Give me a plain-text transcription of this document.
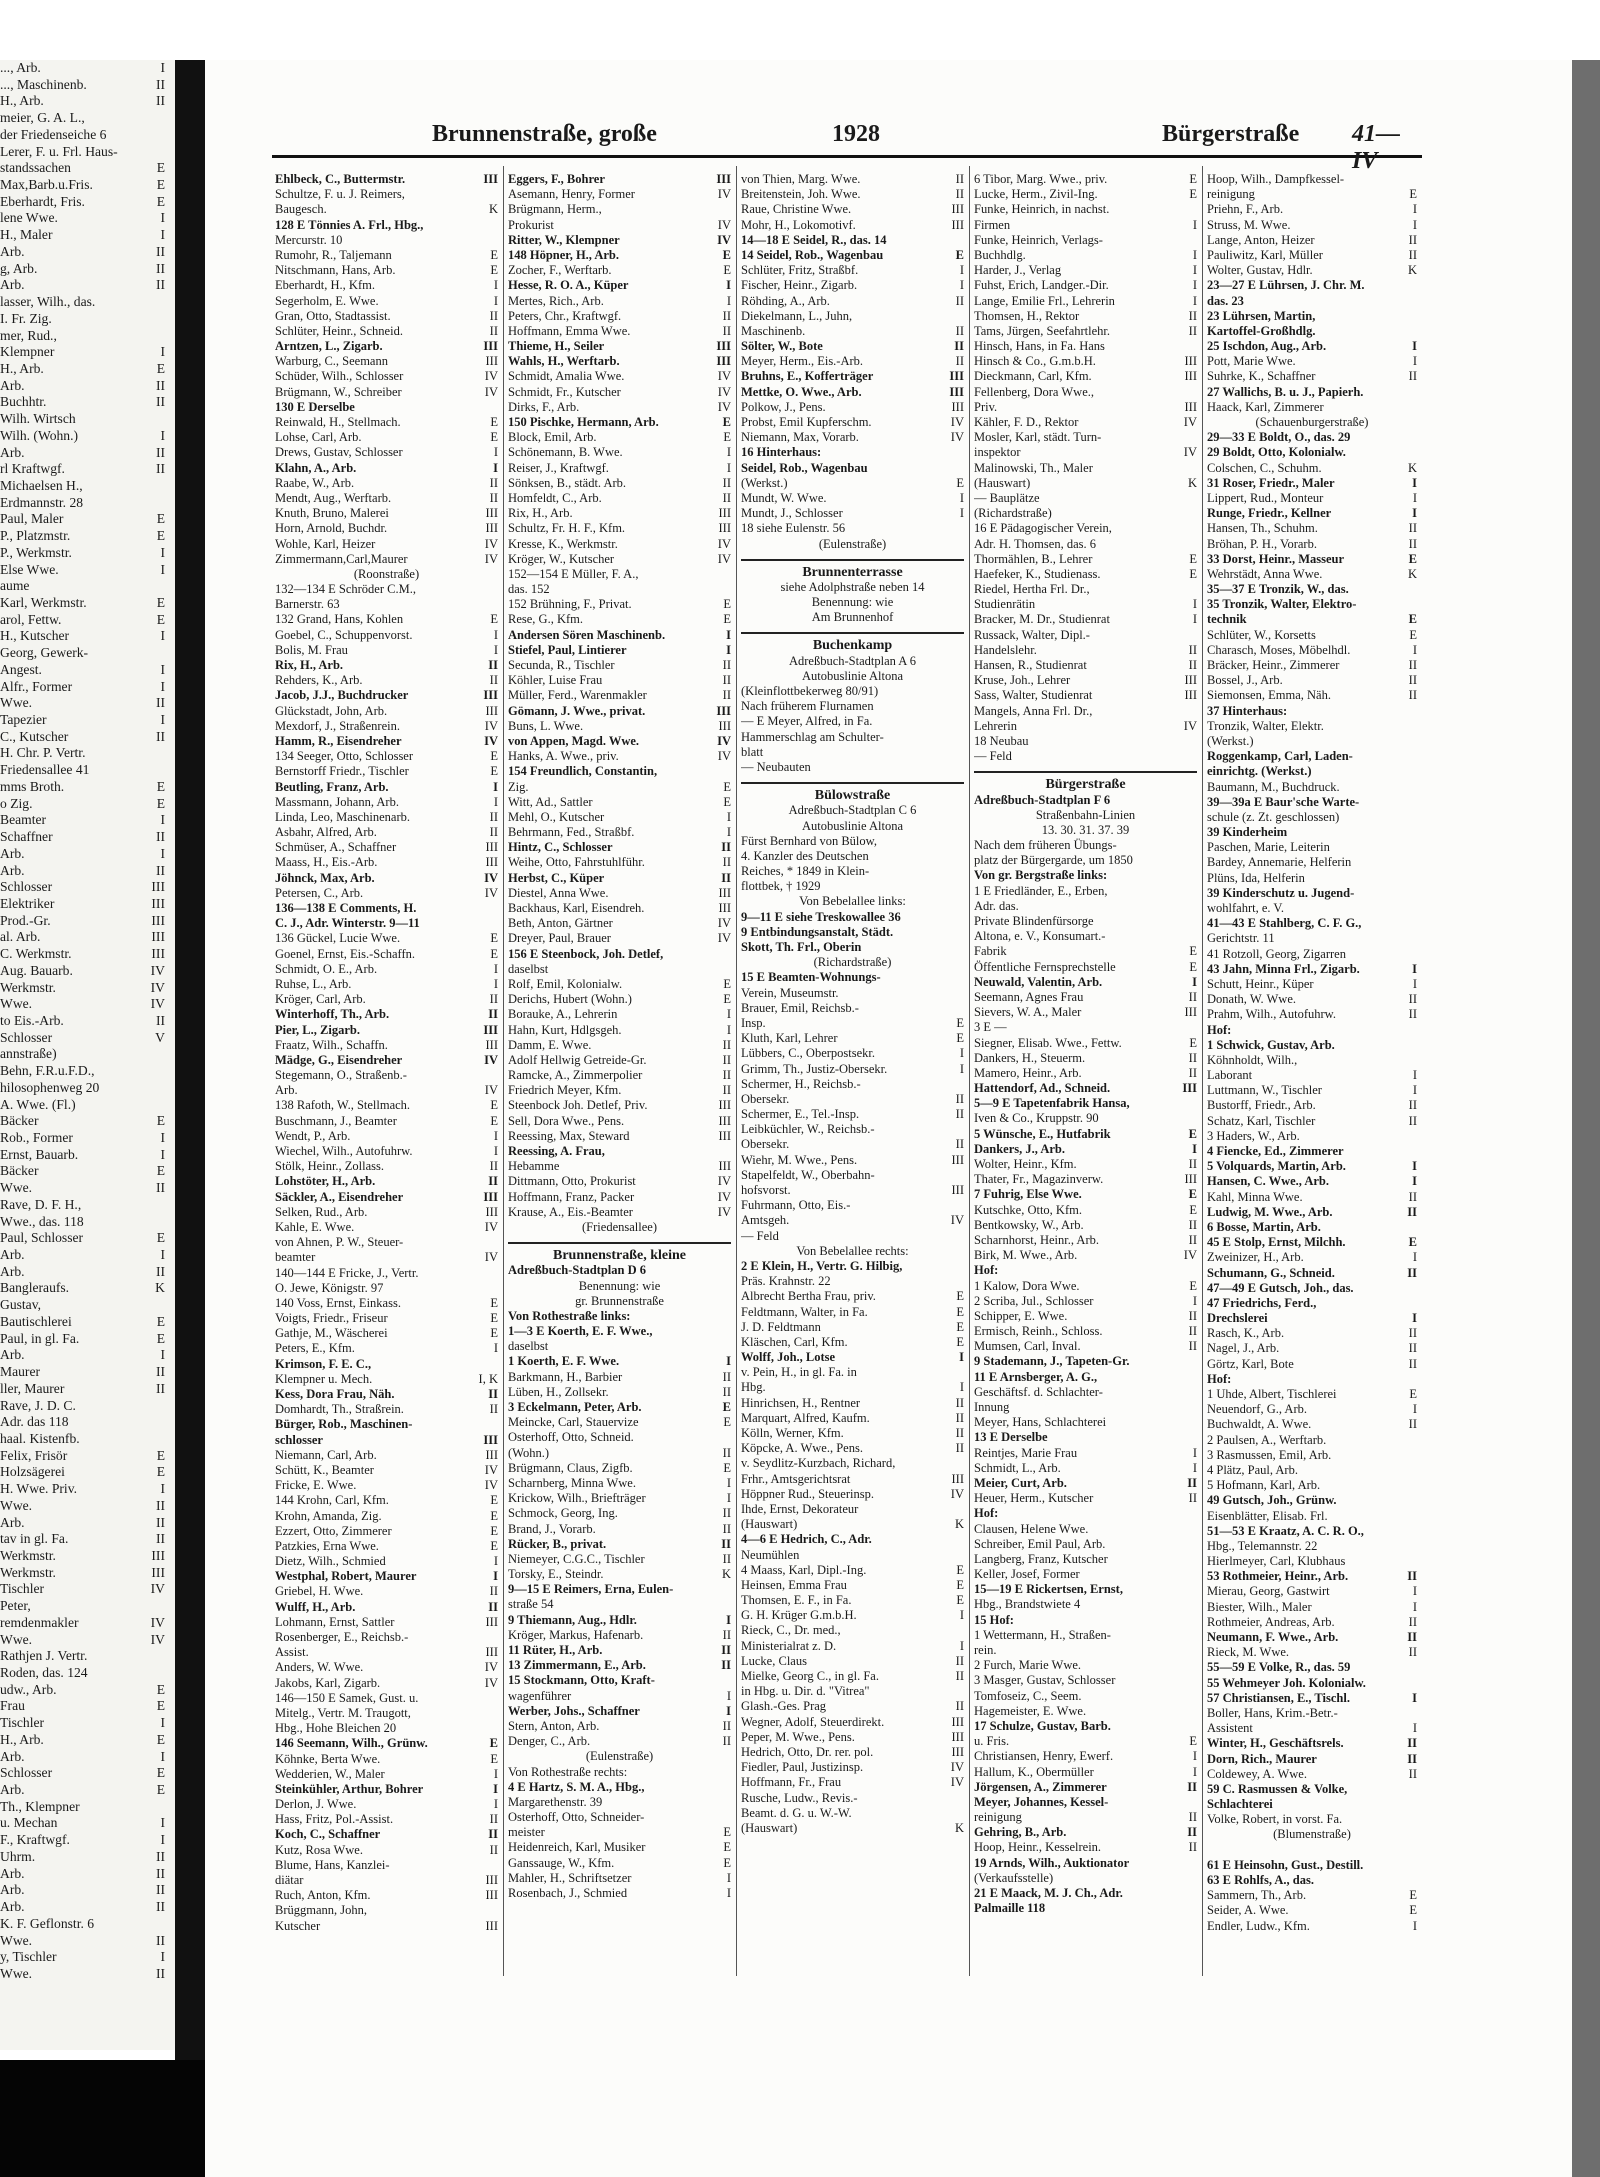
..., Arb.	I
..., Maschinenb.	II
H., Arb.	II
meier, G. A. L.,
der Friedenseiche 6
Lerer, F. u. Frl. Haus-
standssachen	E
Max,Barb.u.Fris.	E
Eberhardt, Fris.	E
lene Wwe.	I
H., Maler	I
Arb.	II
g, Arb.	II
Arb.	II
lasser, Wilh., das.
I. Fr. Zig.
mer, Rud.,
Klempner	I
H., Arb.	E
Arb.	II
Buchhtr.	II
Wilh. Wirtsch
Wilh. (Wohn.)	I
Arb.	II
rl Kraftwgf.	II
Michaelsen H.,
Erdmannstr. 28
Paul, Maler	E
P., Platzmstr.	E
P., Werkmstr.	I
Else Wwe.	I
aume
Karl, Werkmstr.	E
arol, Fettw.	E
H., Kutscher	I
Georg, Gewerk-
Angest.	I
Alfr., Former	I
Wwe.	II
Tapezier	I
C., Kutscher	II
H. Chr. P. Vertr.
Friedensallee 41
mms Broth.	E
o Zig.	E
Beamter	I
Schaffner	II
Arb.	I
Arb.	II
Schlosser	III
Elektriker	III
Prod.-Gr.	III
al. Arb.	III
C. Werkmstr.	III
Aug. Bauarb.	IV
Werkmstr.	IV
Wwe.	IV
to Eis.-Arb.	II
Schlosser	V
annstraße)
Behn, F.R.u.F.D.,
hilosophenweg 20
A. Wwe. (Fl.)
Bäcker	E
Rob., Former	I
Ernst, Bauarb.	I
Bäcker	E
Wwe.	II
Rave, D. F. H.,
Wwe., das. 118
Paul, Schlosser	E
Arb.	I
Arb.	II
Bangleraufs.	K
Gustav,
Bautischlerei	E
Paul, in gl. Fa.	E
Arb.	I
Maurer	II
ller, Maurer	II
Rave, J. D. C.
Adr. das 118
haal. Kistenfb.
Felix, Frisör	E
Holzsägerei	E
H. Wwe. Priv.	I
Wwe.	II
Arb.	II
tav in gl. Fa.	II
Werkmstr.	III
Werkmstr.	III
Tischler	IV
Peter,
remdenmakler	IV
Wwe.	IV
Rathjen J. Vertr.
Roden, das. 124
udw., Arb.	E
Frau	E
Tischler	I
H., Arb.	E
Arb.	I
Schlosser	E
Arb.	E
Th., Klempner
u. Mechan	I
F., Kraftwgf.	I
Uhrm.	II
Arb.	II
Arb.	II
Arb.	II
K. F. Geflonstr. 6
Wwe.	II
y, Tischler	I
Wwe.	II
Brunnenstraße, große	1928	Bürgerstraße 41—IV
Ehlbeck, C., Buttermstr.	III
Schultze, F. u. J. Reimers,
Baugesch.	K
128 E Tönnies A. Frl., Hbg.,
Mercurstr. 10
Rumohr, R., Taljemann	E
Nitschmann, Hans, Arb.	E
Eberhardt, H., Kfm.	I
Segerholm, E. Wwe.	I
Gran, Otto, Stadtassist.	II
Schlüter, Heinr., Schneid.	II
Arntzen, L., Zigarb.	III
Warburg, C., Seemann	III
Schüder, Wilh., Schlosser	IV
Brügmann, W., Schreiber	IV
130 E Derselbe
Reinwald, H., Stellmach.	E
Lohse, Carl, Arb.	E
Drews, Gustav, Schlosser	I
Klahn, A., Arb.	I
Raabe, W., Arb.	II
Mendt, Aug., Werftarb.	II
Knuth, Bruno, Malerei	III
Horn, Arnold, Buchdr.	III
Wohle, Karl, Heizer	IV
Zimmermann,Carl,Maurer	IV
(Roonstraße)
132—134 E Schröder C.M.,
Barnerstr. 63
132 Grand, Hans, Kohlen	E
Goebel, C., Schuppenvorst.	I
Bolis, M. Frau	I
Rix, H., Arb.	II
Rehders, K., Arb.	II
Jacob, J.J., Buchdrucker	III
Glückstadt, John, Arb.	III
Mexdorf, J., Straßenrein.	IV
Hamm, R., Eisendreher	IV
134 Seeger, Otto, Schlosser	E
Bernstorff Friedr., Tischler	E
Beutling, Franz, Arb.	I
Massmann, Johann, Arb.	I
Linda, Leo, Maschinenarb.	II
Asbahr, Alfred, Arb.	II
Schmüser, A., Schaffner	III
Maass, H., Eis.-Arb.	III
Jöhnck, Max, Arb.	IV
Petersen, C., Arb.	IV
136—138 E Comments, H.
C. J., Adr. Winterstr. 9—11
136 Gückel, Lucie Wwe.	E
Goenel, Ernst, Eis.-Schaffn.	E
Schmidt, O. E., Arb.	I
Ruhse, L., Arb.	I
Kröger, Carl, Arb.	II
Winterhoff, Th., Arb.	II
Pier, L., Zigarb.	III
Fraatz, Wilh., Schaffn.	III
Mädge, G., Eisendreher	IV
Stegemann, O., Straßenb.-
Arb.	IV
138 Rafoth, W., Stellmach.	E
Buschmann, J., Beamter	E
Wendt, P., Arb.	I
Wiechel, Wilh., Autofuhrw.	I
Stölk, Heinr., Zollass.	II
Lohstöter, H., Arb.	II
Säckler, A., Eisendreher	III
Selken, Rud., Arb.	III
Kahle, E. Wwe.	IV
von Ahnen, P. W., Steuer-
beamter	IV
140—144 E Fricke, J., Vertr.
O. Jewe, Königstr. 97
140 Voss, Ernst, Einkass.	E
Voigts, Friedr., Friseur	E
Gathje, M., Wäscherei	E
Peters, E., Kfm.	I
Krimson, F. E. C.,
Klempner u. Mech.	I, K
Kess, Dora Frau, Näh.	II
Domhardt, Th., Straßrein.	II
Bürger, Rob., Maschinen-
schlosser	III
Niemann, Carl, Arb.	III
Schütt, K., Beamter	IV
Fricke, E. Wwe.	IV
144 Krohn, Carl, Kfm.	E
Krohn, Amanda, Zig.	E
Ezzert, Otto, Zimmerer	E
Patzkies, Erna Wwe.	E
Dietz, Wilh., Schmied	I
Westphal, Robert, Maurer	I
Griebel, H. Wwe.	II
Wulff, H., Arb.	II
Lohmann, Ernst, Sattler	III
Rosenberger, E., Reichsb.-
Assist.	III
Anders, W. Wwe.	IV
Jakobs, Karl, Zigarb.	IV
146—150 E Samek, Gust. u.
Mitelg., Vertr. M. Traugott,
Hbg., Hohe Bleichen 20
146 Seemann, Wilh., Grünw.	E
Köhnke, Berta Wwe.	E
Wedderien, W., Maler	I
Steinkühler, Arthur, Bohrer	I
Derlon, J. Wwe.	I
Hass, Fritz, Pol.-Assist.	II
Koch, C., Schaffner	II
Kutz, Rosa Wwe.	II
Blume, Hans, Kanzlei-
diätar	III
Ruch, Anton, Kfm.	III
Brüggmann, John,
Kutscher	III
Eggers, F., Bohrer	III
Asemann, Henry, Former	IV
Brügmann, Herm.,
Prokurist	IV
Ritter, W., Klempner	IV
148 Höpner, H., Arb.	E
Zocher, F., Werftarb.	E
Hesse, R. O. A., Küper	I
Mertes, Rich., Arb.	I
Peters, Chr., Kraftwgf.	II
Hoffmann, Emma Wwe.	II
Thieme, H., Seiler	III
Wahls, H., Werftarb.	III
Schmidt, Amalia Wwe.	IV
Schmidt, Fr., Kutscher	IV
Dirks, F., Arb.	IV
150 Pischke, Hermann, Arb.	E
Block, Emil, Arb.	E
Schönemann, B. Wwe.	I
Reiser, J., Kraftwgf.	I
Sönksen, B., städt. Arb.	II
Homfeldt, C., Arb.	II
Rix, H., Arb.	III
Schultz, Fr. H. F., Kfm.	III
Kresse, K., Werkmstr.	IV
Kröger, W., Kutscher	IV
152—154 E Müller, F. A.,
das. 152
152 Brühning, F., Privat.	E
Rese, G., Kfm.	E
Andersen Sören Maschinenb.	I
Stiefel, Paul, Lintierer	I
Secunda, R., Tischler	II
Köhler, Luise Frau	II
Müller, Ferd., Warenmakler	II
Gömann, J. Wwe., privat.	III
Buns, L. Wwe.	III
von Appen, Magd. Wwe.	IV
Hanks, A. Wwe., priv.	IV
154 Freundlich, Constantin,
Zig.	E
Witt, Ad., Sattler	E
Mehl, O., Kutscher	I
Behrmann, Fed., Straßbf.	I
Hintz, C., Schlosser	II
Weihe, Otto, Fahrstuhlführ.	II
Herbst, C., Küper	II
Diestel, Anna Wwe.	III
Backhaus, Karl, Eisendreh.	III
Beth, Anton, Gärtner	IV
Dreyer, Paul, Brauer	IV
156 E Steenbock, Joh. Detlef,
daselbst
Rolf, Emil, Kolonialw.	E
Derichs, Hubert (Wohn.)	E
Borauke, A., Lehrerin	I
Hahn, Kurt, Hdlgsgeh.	I
Damm, E. Wwe.	II
Adolf Hellwig Getreide-Gr.	II
Ramcke, A., Zimmerpolier	II
Friedrich Meyer, Kfm.	II
Steenbock Joh. Detlef, Priv.	III
Sell, Dora Wwe., Pens.	III
Reessing, Max, Steward	III
Reessing, A. Frau,
Hebamme	III
Dittmann, Otto, Prokurist	IV
Hoffmann, Franz, Packer	IV
Krause, A., Eis.-Beamter	IV
(Friedensallee)
Brunnenstraße, kleine
Adreßbuch-Stadtplan D 6
Benennung: wie
gr. Brunnenstraße
Von Rothestraße links:
1—3 E Koerth, E. F. Wwe.,
daselbst
1 Koerth, E. F. Wwe.	I
Barkmann, H., Barbier	II
Lüben, H., Zollsekr.	II
3 Eckelmann, Peter, Arb.	E
Meincke, Carl, Stauervize	E
Osterhoff, Otto, Schneid.
(Wohn.)	II
Brügmann, Claus, Zigfb.	E
Scharnberg, Minna Wwe.	I
Krickow, Wilh., Briefträger	I
Schmock, Georg, Ing.	II
Brand, J., Vorarb.	II
Rücker, B., privat.	II
Niemeyer, C.G.C., Tischler	II
Torsky, E., Steindr.	K
9—15 E Reimers, Erna, Eulen-
straße 54
9 Thiemann, Aug., Hdlr.	I
Kröger, Markus, Hafenarb.	II
11 Rüter, H., Arb.	II
13 Zimmermann, E., Arb.	II
15 Stockmann, Otto, Kraft-
wagenführer	I
Werber, Johs., Schaffner	I
Stern, Anton, Arb.	II
Denger, C., Arb.	II
(Eulenstraße)
Von Rothestraße rechts:
4 E Hartz, S. M. A., Hbg.,
Margarethenstr. 39
Osterhoff, Otto, Schneider-
meister	E
Heidenreich, Karl, Musiker	E
Ganssauge, W., Kfm.	E
Mahler, H., Schriftsetzer	I
Rosenbach, J., Schmied	I
von Thien, Marg. Wwe.	II
Breitenstein, Joh. Wwe.	II
Raue, Christine Wwe.	III
Mohr, H., Lokomotivf.	III
14—18 E Seidel, R., das. 14
14 Seidel, Rob., Wagenbau	E
Schlüter, Fritz, Straßbf.	I
Fischer, Heinr., Zigarb.	I
Röhding, A., Arb.	II
Diekelmann, L., Juhn,
Maschinenb.	II
Sölter, W., Bote	II
Meyer, Herm., Eis.-Arb.	II
Bruhns, E., Kofferträger	III
Mettke, O. Wwe., Arb.	III
Polkow, J., Pens.	III
Probst, Emil Kupferschm.	IV
Niemann, Max, Vorarb.	IV
16 Hinterhaus:
Seidel, Rob., Wagenbau
(Werkst.)	E
Mundt, W. Wwe.	I
Mundt, J., Schlosser	I
18 siehe Eulenstr. 56
(Eulenstraße)
Brunnenterrasse
siehe Adolphstraße neben 14
Benennung: wie
Am Brunnenhof
Buchenkamp
Adreßbuch-Stadtplan A 6
Autobuslinie Altona
(Kleinflottbekerweg 80/91)
Nach früherem Flurnamen
— E Meyer, Alfred, in Fa.
Hammerschlag am Schulter-
blatt
— Neubauten
Bülowstraße
Adreßbuch-Stadtplan C 6
Autobuslinie Altona
Fürst Bernhard von Bülow,
4. Kanzler des Deutschen
Reiches, * 1849 in Klein-
flottbek, † 1929
Von Bebelallee links:
9—11 E siehe Treskowallee 36
9 Entbindungsanstalt, Städt.
Skott, Th. Frl., Oberin
(Richardstraße)
15 E Beamten-Wohnungs-
Verein, Museumstr.
Brauer, Emil, Reichsb.-
Insp.	E
Kluth, Karl, Lehrer	E
Lübbers, C., Oberpostsekr.	I
Grimm, Th., Justiz-Obersekr.	I
Schermer, H., Reichsb.-
Obersekr.	II
Schermer, E., Tel.-Insp.	II
Leibküchler, W., Reichsb.-
Obersekr.	II
Wiehr, M. Wwe., Pens.	III
Stapelfeldt, W., Oberbahn-
hofsvorst.	III
Fuhrmann, Otto, Eis.-
Amtsgeh.	IV
— Feld
Von Bebelallee rechts:
2 E Klein, H., Vertr. G. Hilbig,
Präs. Krahnstr. 22
Albrecht Bertha Frau, priv.	E
Feldtmann, Walter, in Fa.	E
J. D. Feldtmann	E
Kläschen, Carl, Kfm.	E
Wolff, Joh., Lotse	I
v. Pein, H., in gl. Fa. in
Hbg.	I
Hinrichsen, H., Rentner	II
Marquart, Alfred, Kaufm.	II
Kölln, Werner, Kfm.	II
Köpcke, A. Wwe., Pens.	II
v. Seydlitz-Kurzbach, Richard,
Frhr., Amtsgerichtsrat	III
Höppner Rud., Steuerinsp.	IV
Ihde, Ernst, Dekorateur
(Hauswart)	K
4—6 E Hedrich, C., Adr.
Neumühlen
4 Maass, Karl, Dipl.-Ing.	E
Heinsen, Emma Frau	E
Thomsen, E. F., in Fa.	E
G. H. Krüger G.m.b.H.	I
Rieck, C., Dr. med.,
Ministerialrat z. D.	I
Lucke, Claus	II
Mielke, Georg C., in gl. Fa.	II
in Hbg. u. Dir. d. "Vitrea"
Glash.-Ges. Prag	II
Wegner, Adolf, Steuerdirekt.	III
Peper, M. Wwe., Pens.	III
Hedrich, Otto, Dr. rer. pol.	III
Fiedler, Paul, Justizinsp.	IV
Hoffmann, Fr., Frau	IV
Rusche, Ludw., Revis.-
Beamt. d. G. u. W.-W.
(Hauswart)	K
6 Tibor, Marg. Wwe., priv.	E
Lucke, Herm., Zivil-Ing.	E
Funke, Heinrich, in nachst.
Firmen	I
Funke, Heinrich, Verlags-
Buchhdlg.	I
Harder, J., Verlag	I
Fuhst, Erich, Landger.-Dir.	I
Lange, Emilie Frl., Lehrerin	I
Thomsen, H., Rektor	II
Tams, Jürgen, Seefahrtlehr.	II
Hinsch, Hans, in Fa. Hans
Hinsch & Co., G.m.b.H.	III
Dieckmann, Carl, Kfm.	III
Fellenberg, Dora Wwe.,
Priv.	III
Kähler, F. D., Rektor	IV
Mosler, Karl, städt. Turn-
inspektor	IV
Malinowski, Th., Maler
(Hauswart)	K
— Bauplätze
(Richardstraße)
16 E Pädagogischer Verein,
Adr. H. Thomsen, das. 6
Thormählen, B., Lehrer	E
Haefeker, K., Studienass.	E
Riedel, Hertha Frl. Dr.,
Studienrätin	I
Bracker, M. Dr., Studienrat	I
Russack, Walter, Dipl.-
Handelslehr.	II
Hansen, R., Studienrat	II
Kruse, Joh., Lehrer	III
Sass, Walter, Studienrat	III
Mangels, Anna Frl. Dr.,
Lehrerin	IV
18 Neubau
— Feld
Bürgerstraße
Adreßbuch-Stadtplan F 6
Straßenbahn-Linien
13. 30. 31. 37. 39
Nach dem früheren Übungs-
platz der Bürgergarde, um 1850
Von gr. Bergstraße links:
1 E Friedländer, E., Erben,
Adr. das.
Private Blindenfürsorge
Altona, e. V., Konsumart.-
Fabrik	E
Öffentliche Fernsprechstelle	E
Neuwald, Valentin, Arb.	I
Seemann, Agnes Frau	II
Sievers, W. A., Maler	III
3 E —
Siegner, Elisab. Wwe., Fettw.	E
Dankers, H., Steuerm.	II
Mamero, Heinr., Arb.	II
Hattendorf, Ad., Schneid.	III
5—9 E Tapetenfabrik Hansa,
Iven & Co., Kruppstr. 90
5 Wünsche, E., Hutfabrik	E
Dankers, J., Arb.	I
Wolter, Heinr., Kfm.	II
Thater, Fr., Magazinverw.	III
7 Fuhrig, Else Wwe.	E
Kutschke, Otto, Kfm.	E
Bentkowsky, W., Arb.	II
Scharnhorst, Heinr., Arb.	II
Birk, M. Wwe., Arb.	IV
Hof:
1 Kalow, Dora Wwe.	E
2 Scriba, Jul., Schlosser	I
Schipper, E. Wwe.	II
Ermisch, Reinh., Schloss.	II
Mumsen, Carl, Inval.	II
9 Stademann, J., Tapeten-Gr.
11 E Arnsberger, A. G.,
Geschäftsf. d. Schlachter-
Innung
Meyer, Hans, Schlachterei
13 E Derselbe
Reintjes, Marie Frau	I
Schmidt, L., Arb.	I
Meier, Curt, Arb.	II
Heuer, Herm., Kutscher	II
Hof:
Clausen, Helene Wwe.
Schreiber, Emil Paul, Arb.
Langberg, Franz, Kutscher
Keller, Josef, Former
15—19 E Rickertsen, Ernst,
Hbg., Brandstwiete 4
15 Hof:
1 Wettermann, H., Straßen-
rein.
2 Furch, Marie Wwe.
3 Masger, Gustav, Schlosser
Tomfoseiz, C., Seem.
Hagemeister, E. Wwe.
17 Schulze, Gustav, Barb.
u. Fris.	E
Christiansen, Henry, Ewerf.	I
Hallum, K., Obermüller	I
Jörgensen, A., Zimmerer	II
Meyer, Johannes, Kessel-
reinigung	II
Gehring, B., Arb.	II
Hoop, Heinr., Kesselrein.	II
19 Arnds, Wilh., Auktionator
(Verkaufsstelle)
21 E Maack, M. J. Ch., Adr.
Palmaille 118
Hoop, Wilh., Dampfkessel-
reinigung	E
Priehn, F., Arb.	I
Struss, M. Wwe.	I
Lange, Anton, Heizer	II
Pauliwitz, Karl, Müller	II
Wolter, Gustav, Hdlr.	K
23—27 E Lührsen, J. Chr. M.
das. 23
23 Lührsen, Martin,
Kartoffel-Großhdlg.
25 Ischdon, Aug., Arb.	I
Pott, Marie Wwe.	I
Suhrke, K., Schaffner	II
27 Wallichs, B. u. J., Papierh.
Haack, Karl, Zimmerer
(Schauenburgerstraße)
29—33 E Boldt, O., das. 29
29 Boldt, Otto, Kolonialw.
Colschen, C., Schuhm.	K
31 Roser, Friedr., Maler	I
Lippert, Rud., Monteur	I
Runge, Friedr., Kellner	I
Hansen, Th., Schuhm.	II
Bröhan, P. H., Vorarb.	II
33 Dorst, Heinr., Masseur	E
Wehrstädt, Anna Wwe.	K
35—37 E Tronzik, W., das.
35 Tronzik, Walter, Elektro-
technik	E
Schlüter, W., Korsetts	E
Charasch, Moses, Möbelhdl.	I
Bräcker, Heinr., Zimmerer	II
Bossel, J., Arb.	II
Siemonsen, Emma, Näh.	II
37 Hinterhaus:
Tronzik, Walter, Elektr.
(Werkst.)
Roggenkamp, Carl, Laden-
einrichtg. (Werkst.)
Baumann, M., Buchdruck.
39—39a E Baur'sche Warte-
schule (z. Zt. geschlossen)
39 Kinderheim
Paschen, Marie, Leiterin
Bardey, Annemarie, Helferin
Plüns, Ida, Helferin
39 Kinderschutz u. Jugend-
wohlfahrt, e. V.
41—43 E Stahlberg, C. F. G.,
Gerichtstr. 11
41 Rotzoll, Georg, Zigarren
43 Jahn, Minna Frl., Zigarb.	I
Schutt, Heinr., Küper	I
Donath, W. Wwe.	II
Prahm, Wilh., Autofuhrw.	II
Hof:
1 Schwick, Gustav, Arb.
Köhnholdt, Wilh.,
Laborant	I
Luttmann, W., Tischler	I
Bustorff, Friedr., Arb.	II
Schatz, Karl, Tischler	II
3 Haders, W., Arb.
4 Fiencke, Ed., Zimmerer
5 Volquards, Martin, Arb.	I
Hansen, C. Wwe., Arb.	I
Kahl, Minna Wwe.	II
Ludwig, M. Wwe., Arb.	II
6 Bosse, Martin, Arb.
45 E Stolp, Ernst, Milchh.	E
Zweinizer, H., Arb.	I
Schumann, G., Schneid.	II
47—49 E Gutsch, Joh., das.
47 Friedrichs, Ferd.,
Drechslerei	I
Rasch, K., Arb.	II
Nagel, J., Arb.	II
Görtz, Karl, Bote	II
Hof:
1 Uhde, Albert, Tischlerei	E
Neuendorf, G., Arb.	I
Buchwaldt, A. Wwe.	II
2 Paulsen, A., Werftarb.
3 Rasmussen, Emil, Arb.
4 Plätz, Paul, Arb.
5 Hofmann, Karl, Arb.
49 Gutsch, Joh., Grünw.
Eisenblätter, Elisab. Frl.
51—53 E Kraatz, A. C. R. O.,
Hbg., Telemannstr. 22
Hierlmeyer, Carl, Klubhaus
53 Rothmeier, Heinr., Arb.	II
Mierau, Georg, Gastwirt	I
Biester, Wilh., Maler	I
Rothmeier, Andreas, Arb.	II
Neumann, F. Wwe., Arb.	II
Rieck, M. Wwe.	II
55—59 E Volke, R., das. 59
55 Wehmeyer Joh. Kolonialw.
57 Christiansen, E., Tischl.	I
Boller, Hans, Krim.-Betr.-
Assistent	I
Winter, H., Geschäftsrels.	II
Dorn, Rich., Maurer	II
Coldewey, A. Wwe.	II
59 C. Rasmussen & Volke,
Schlachterei
Volke, Robert, in vorst. Fa.
(Blumenstraße)
61 E Heinsohn, Gust., Destill.
63 E Rohlfs, A., das.
Sammern, Th., Arb.	E
Seider, A. Wwe.	E
Endler, Ludw., Kfm.	I
